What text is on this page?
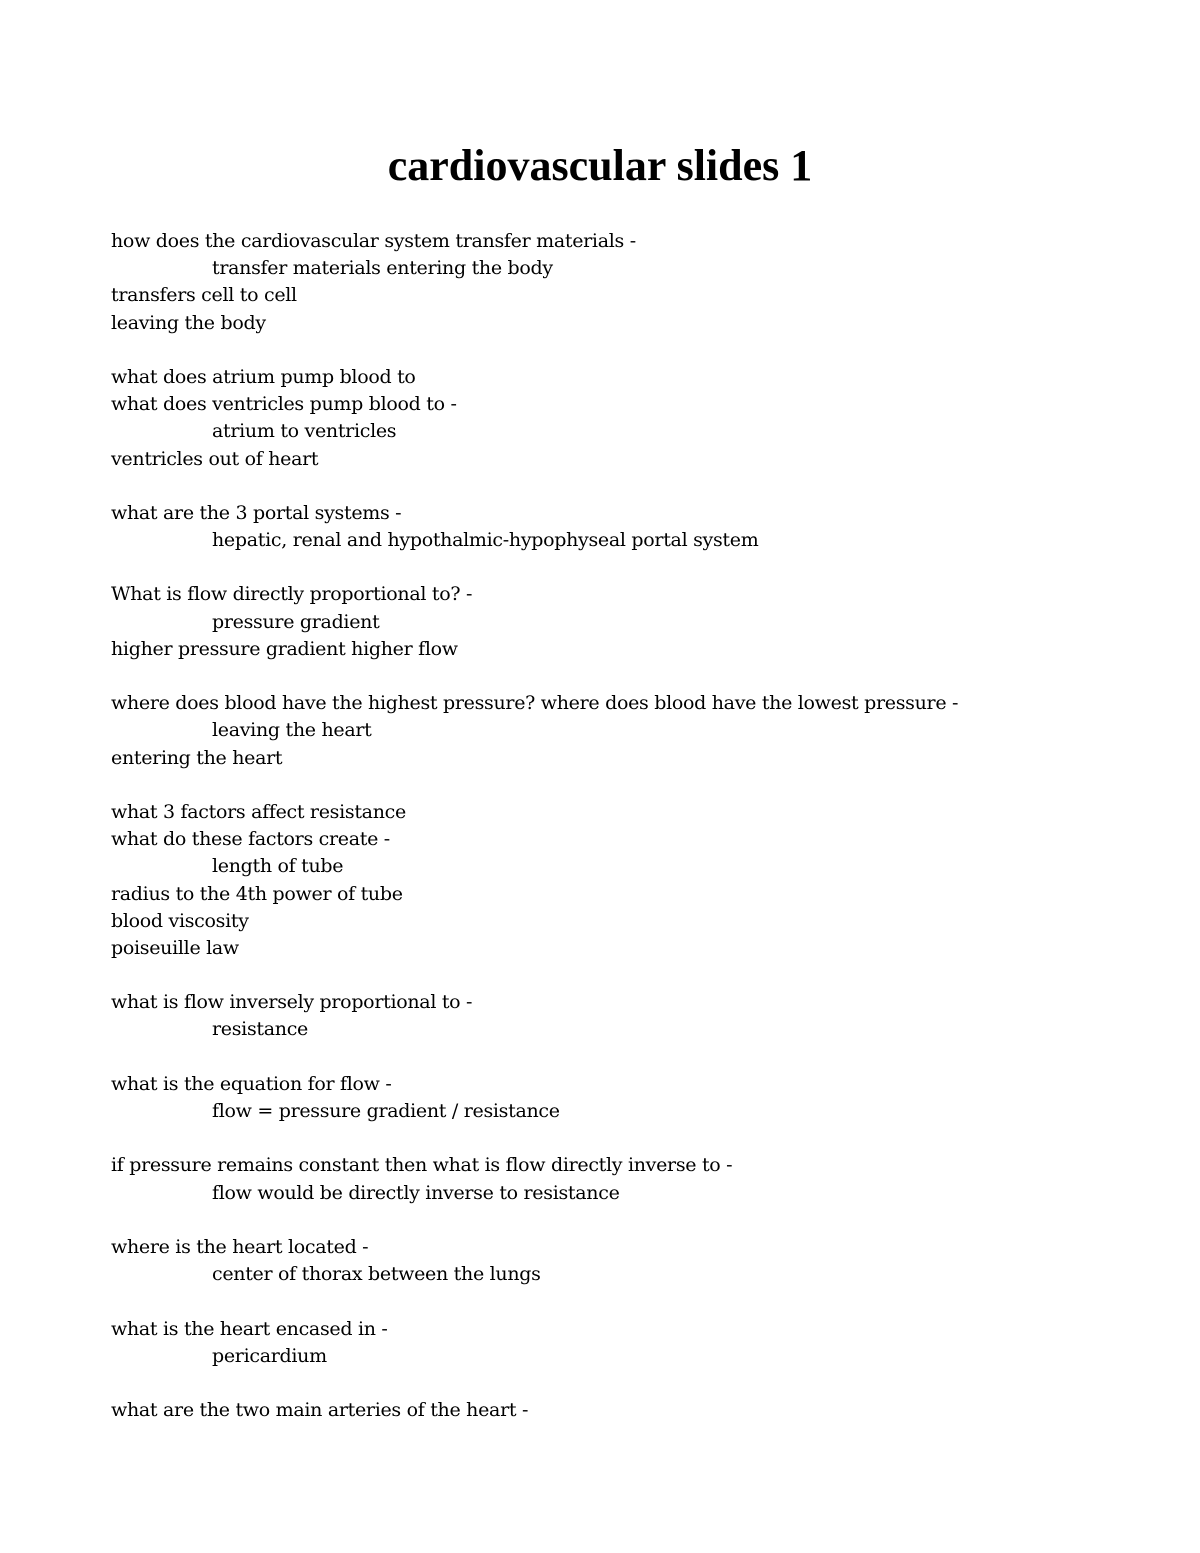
cardiovascular slides 1
how does the cardiovascular system transfer materials -
transfer materials entering the body
transfers cell to cell
leaving the body
what does atrium pump blood to
what does ventricles pump blood to -
atrium to ventricles
ventricles out of heart
what are the 3 portal systems -
hepatic, renal and hypothalmic-hypophyseal portal system
What is flow directly proportional to? -
pressure gradient
higher pressure gradient higher flow
where does blood have the highest pressure? where does blood have the lowest pressure -
leaving the heart
entering the heart
what 3 factors affect resistance
what do these factors create -
length of tube
radius to the 4th power of tube
blood viscosity
poiseuille law
what is flow inversely proportional to -
resistance
what is the equation for flow -
flow = pressure gradient / resistance
if pressure remains constant then what is flow directly inverse to -
flow would be directly inverse to resistance
where is the heart located -
center of thorax between the lungs
what is the heart encased in -
pericardium
what are the two main arteries of the heart -
